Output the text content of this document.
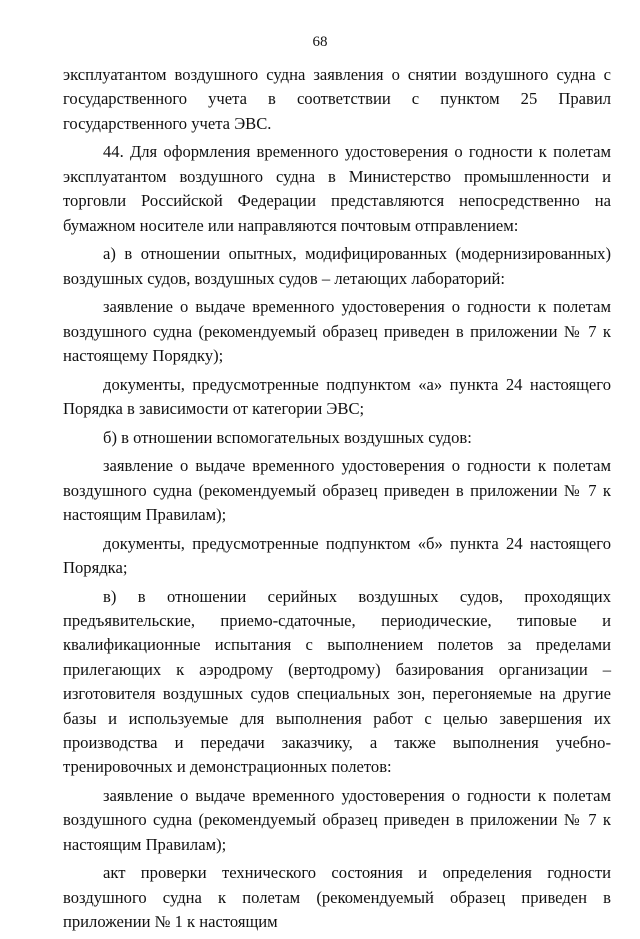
68

эксплуатантом воздушного судна заявления о снятии воздушного судна с государственного учета в соответствии с пунктом 25 Правил государственного учета ЭВС.

44. Для оформления временного удостоверения о годности к полетам эксплуатантом воздушного судна в Министерство промышленности и торговли Российской Федерации представляются непосредственно на бумажном носителе или направляются почтовым отправлением:

а) в отношении опытных, модифицированных (модернизированных) воздушных судов, воздушных судов – летающих лабораторий:

заявление о выдаче временного удостоверения о годности к полетам воздушного судна (рекомендуемый образец приведен в приложении № 7 к настоящему Порядку);

документы, предусмотренные подпунктом «а» пункта 24 настоящего Порядка в зависимости от категории ЭВС;

б) в отношении вспомогательных воздушных судов:

заявление о выдаче временного удостоверения о годности к полетам воздушного судна (рекомендуемый образец приведен в приложении № 7 к настоящим Правилам);

документы, предусмотренные подпунктом «б» пункта 24 настоящего Порядка;

в) в отношении серийных воздушных судов, проходящих предъявительские, приемо-сдаточные, периодические, типовые и квалификационные испытания с выполнением полетов за пределами прилегающих к аэродрому (вертодрому) базирования организации – изготовителя воздушных судов специальных зон, перегоняемые на другие базы и используемые для выполнения работ с целью завершения их производства и передачи заказчику, а также выполнения учебно-тренировочных и демонстрационных полетов:

заявление о выдаче временного удостоверения о годности к полетам воздушного судна (рекомендуемый образец приведен в приложении № 7 к настоящим Правилам);

акт проверки технического состояния и определения годности воздушного судна к полетам (рекомендуемый образец приведен в приложении № 1 к настоящим
